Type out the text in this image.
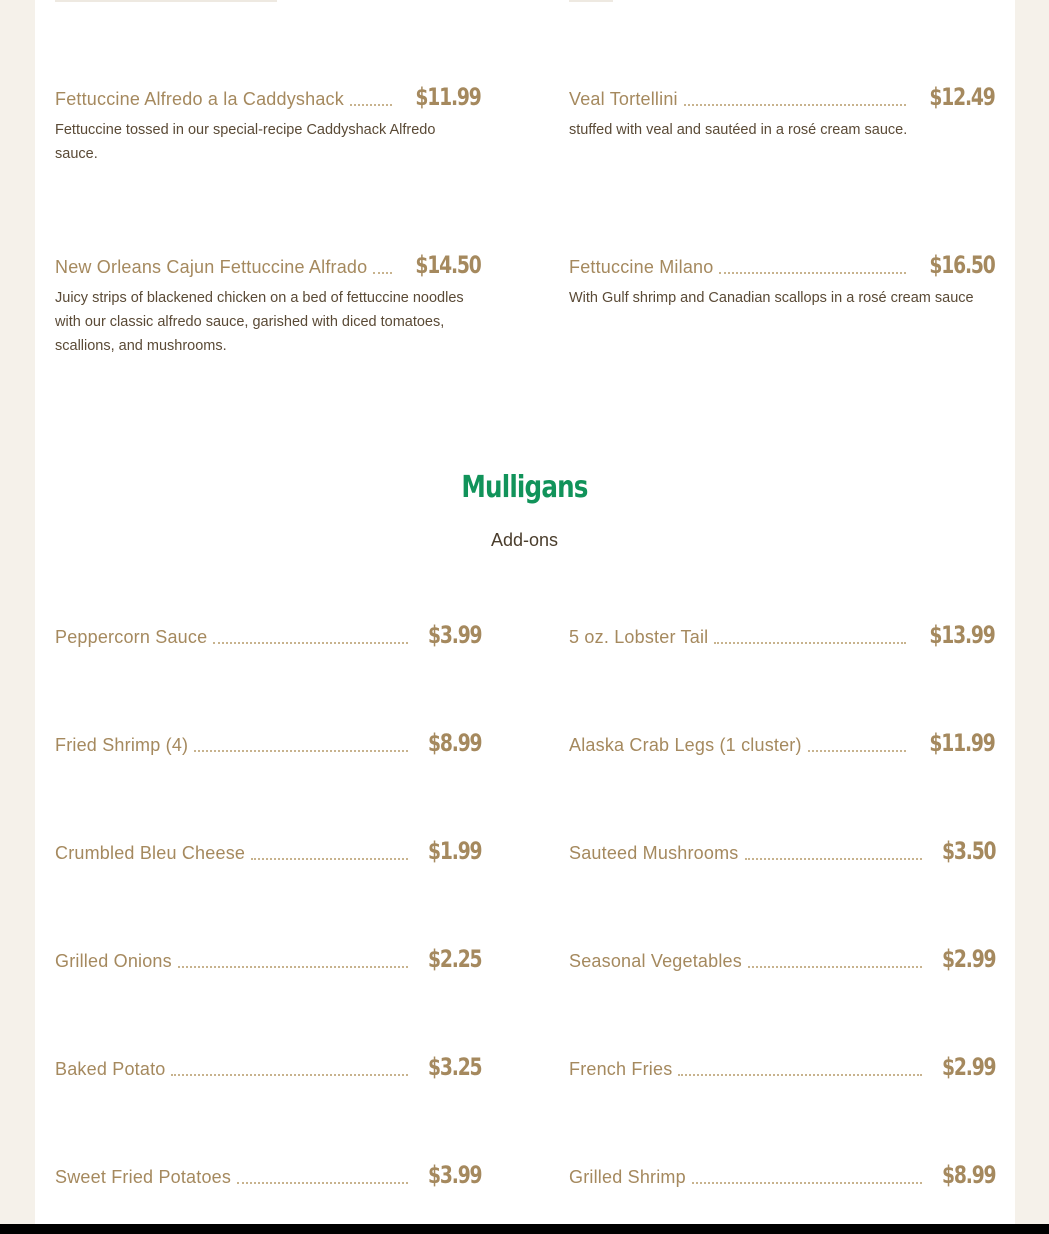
Fettuccine Alfredo a la Caddyshack	$11.99
Fettuccine tossed in our special-recipe Caddyshack Alfredo sauce.
Veal Tortellini	$12.49
stuffed with veal and sautéed in a rosé cream sauce.
New Orleans Cajun Fettuccine Alfrado $14.50
Juicy strips of blackened chicken on a bed of fettuccine noodles with our classic alfredo sauce, garished with diced tomatoes, scallions, and mushrooms.
Fettuccine Milano	$16.50
With Gulf shrimp and Canadian scallops in a rosé cream sauce
Mulligans
Add-ons
Peppercorn Sauce	$3.99	5 oz. Lobster Tail	$13.99
Fried Shrimp (4)	$8.99	Alaska Crab Legs (1 cluster)	$11.99
Crumbled Bleu Cheese	$1.99	Sauteed Mushrooms	$3.50
Grilled Onions	$2.25	Seasonal Vegetables	$2.99
Baked Potato	$3.25	French Fries	$2.99
Sweet Fried Potatoes	$3.99	Grilled Shrimp	$8.99
